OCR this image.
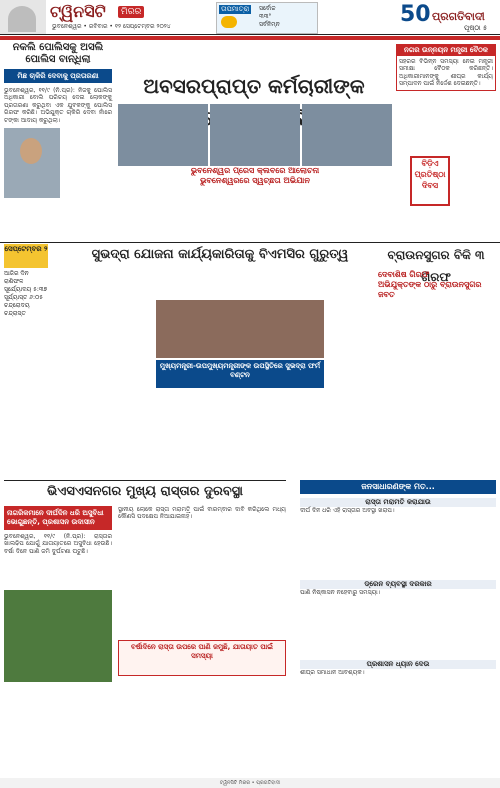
ଟ୍ୱିନସିଟି	ମିରର
ଭୁବନେଶ୍ୱର • ରବିବାର • ୧୨ ସେପ୍ଟେମ୍ବର ୨୦୨୪
ତାପମାତ୍ରା	ସର୍ବୋଚ୍ଚ
୩୩°
ସର୍ବନିମ୍ନ	50 ପ୍ରଗତିବାଦୀ
ପୃଷ୍ଠା ୫
ନକଲି ପୋଲିସକୁ ଅସଲି ପୋଲିସ ବାନ୍ଧିଲା
ମିଛ ଚାକିରି ଦେବାକୁ ପ୍ରତାରଣା
ଭୁବନେଶ୍ୱର, ୧୧/୯ (ନି.ପ୍ର): ନିଜକୁ ପୋଲିସ ଅଧିକାରୀ ବୋଲି ପରିଚୟ ଦେଇ ଲୋକଙ୍କୁ ପ୍ରତାରଣା କରୁଥିବା ଏକ ଯୁବକଙ୍କୁ ପୋଲିସ ଗିରଫ କରିଛି। ଅଭିଯୁକ୍ତ ଚାକିରି ଦେବା ନାଁରେ ଟଙ୍କା ଆଦାୟ କରୁଥିଲା।
ଅବସରପ୍ରାପ୍ତ କର୍ମଚାରୀଙ୍କ
ଭୁବନେଶ୍ୱର ପ୍ରେସ କ୍ଲବରେ ଆଲୋଚନା
ଭୁବନେଶ୍ୱରରେ ସ୍ୱଚ୍ଛତା ଅଭିଯାନ
ନଗର ଉନ୍ନୟନ ମନ୍ତ୍ରୀ ବୈଠକ
ସହରର ବିଭିନ୍ନ ସମସ୍ୟା ନେଇ ମନ୍ତ୍ରୀ ସମୀକ୍ଷା ବୈଠକ କରିଛନ୍ତି। ଅଧିକାରୀମାନଙ୍କୁ ଶୀଘ୍ର କାର୍ଯ୍ୟ ସମ୍ପାଦନ ପାଇଁ ନିର୍ଦ୍ଦେଶ ଦେଇଛନ୍ତି।
ବିଡ଼ିଏ ପ୍ରତିଷ୍ଠା ଦିବସ
ସେପ୍ଟେମ୍ବର ୨	ସୁଭଦ୍ରା ଯୋଜନା କାର୍ଯ୍ୟକାରିତାକୁ ବିଏମସିର ଗୁରୁତ୍ୱ	ବ୍ରାଉନସୁଗର ବିକି ୩ ଗିରଫ
ଆଜିର ଦିନ
ରାଶିଫଳ
ସୂର୍ଯ୍ୟୋଦୟ ୫:୩୭
ସୂର୍ଯ୍ୟାସ୍ତ ୬:୦୫
ଚନ୍ଦ୍ରୋଦୟ
ଚନ୍ଦ୍ରାସ୍ତ
ମୁଖ୍ୟମନ୍ତ୍ରୀ-ଉପମୁଖ୍ୟମନ୍ତ୍ରୀଙ୍କ ଉପସ୍ଥିତିରେ ସୁଭଦ୍ରା ଫର୍ମ ବଣ୍ଟନ
ଦେବାଶିଷ ଗିରଫ
ଅଭିଯୁକ୍ତଙ୍କ ଠାରୁ ବ୍ରାଉନସୁଗର ଜବତ
ଭିଏସଏସନଗର ମୁଖ୍ୟ ରାସ୍ତାର ଦୁରବସ୍ଥା	ଜନସାଧାରଣଙ୍କ ମତ...
ନାଗରିକମାନେ ଦୀର୍ଘଦିନ ଧରି ଅସୁବିଧା ଭୋଗୁଛନ୍ତି, ପ୍ରଶାସନ ଉଦାସୀନ
ଭୁବନେଶ୍ୱର, ୧୧/୯ (ନି.ପ୍ର): ରାସ୍ତାର ଖାଲଢିପ ଯୋଗୁଁ ଯାତାୟାତରେ ଅସୁବିଧା ହେଉଛି। ବର୍ଷା ଦିନେ ପାଣି ଜମି ଦୁର୍ଘଟଣା ଘଟୁଛି।
ସ୍ଥାନୀୟ ଲୋକେ ରାସ୍ତା ମରାମତି ପାଇଁ ବାରମ୍ବାର ଦାବି କରିଥିଲେ ମଧ୍ୟ କୌଣସି ପଦକ୍ଷେପ ନିଆଯାଇନାହିଁ।
ବର୍ଷାଦିନେ ରାସ୍ତା ଉପରେ ପାଣି ଜମୁଛି, ଯାତାୟାତ ପାଇଁ ସମସ୍ୟା
ରାସ୍ତା ମରାମତି କରାଯାଉ
ଦୀର୍ଘ ଦିନ ଧରି ଏହି ରାସ୍ତାର ଅବସ୍ଥା ଖରାପ।
ଡ୍ରେନ ବ୍ୟବସ୍ଥା ଦରକାର
ପାଣି ନିଷ୍କାସନ ନହେବାରୁ ସମସ୍ୟା।
ପ୍ରଶାସନ ଧ୍ୟାନ ଦେଉ
ଶୀଘ୍ର ସମାଧାନ ଆବଶ୍ୟକ।
ଟ୍ୱିନସିଟି ମିରର • ପ୍ରଗତିବାଦୀ
